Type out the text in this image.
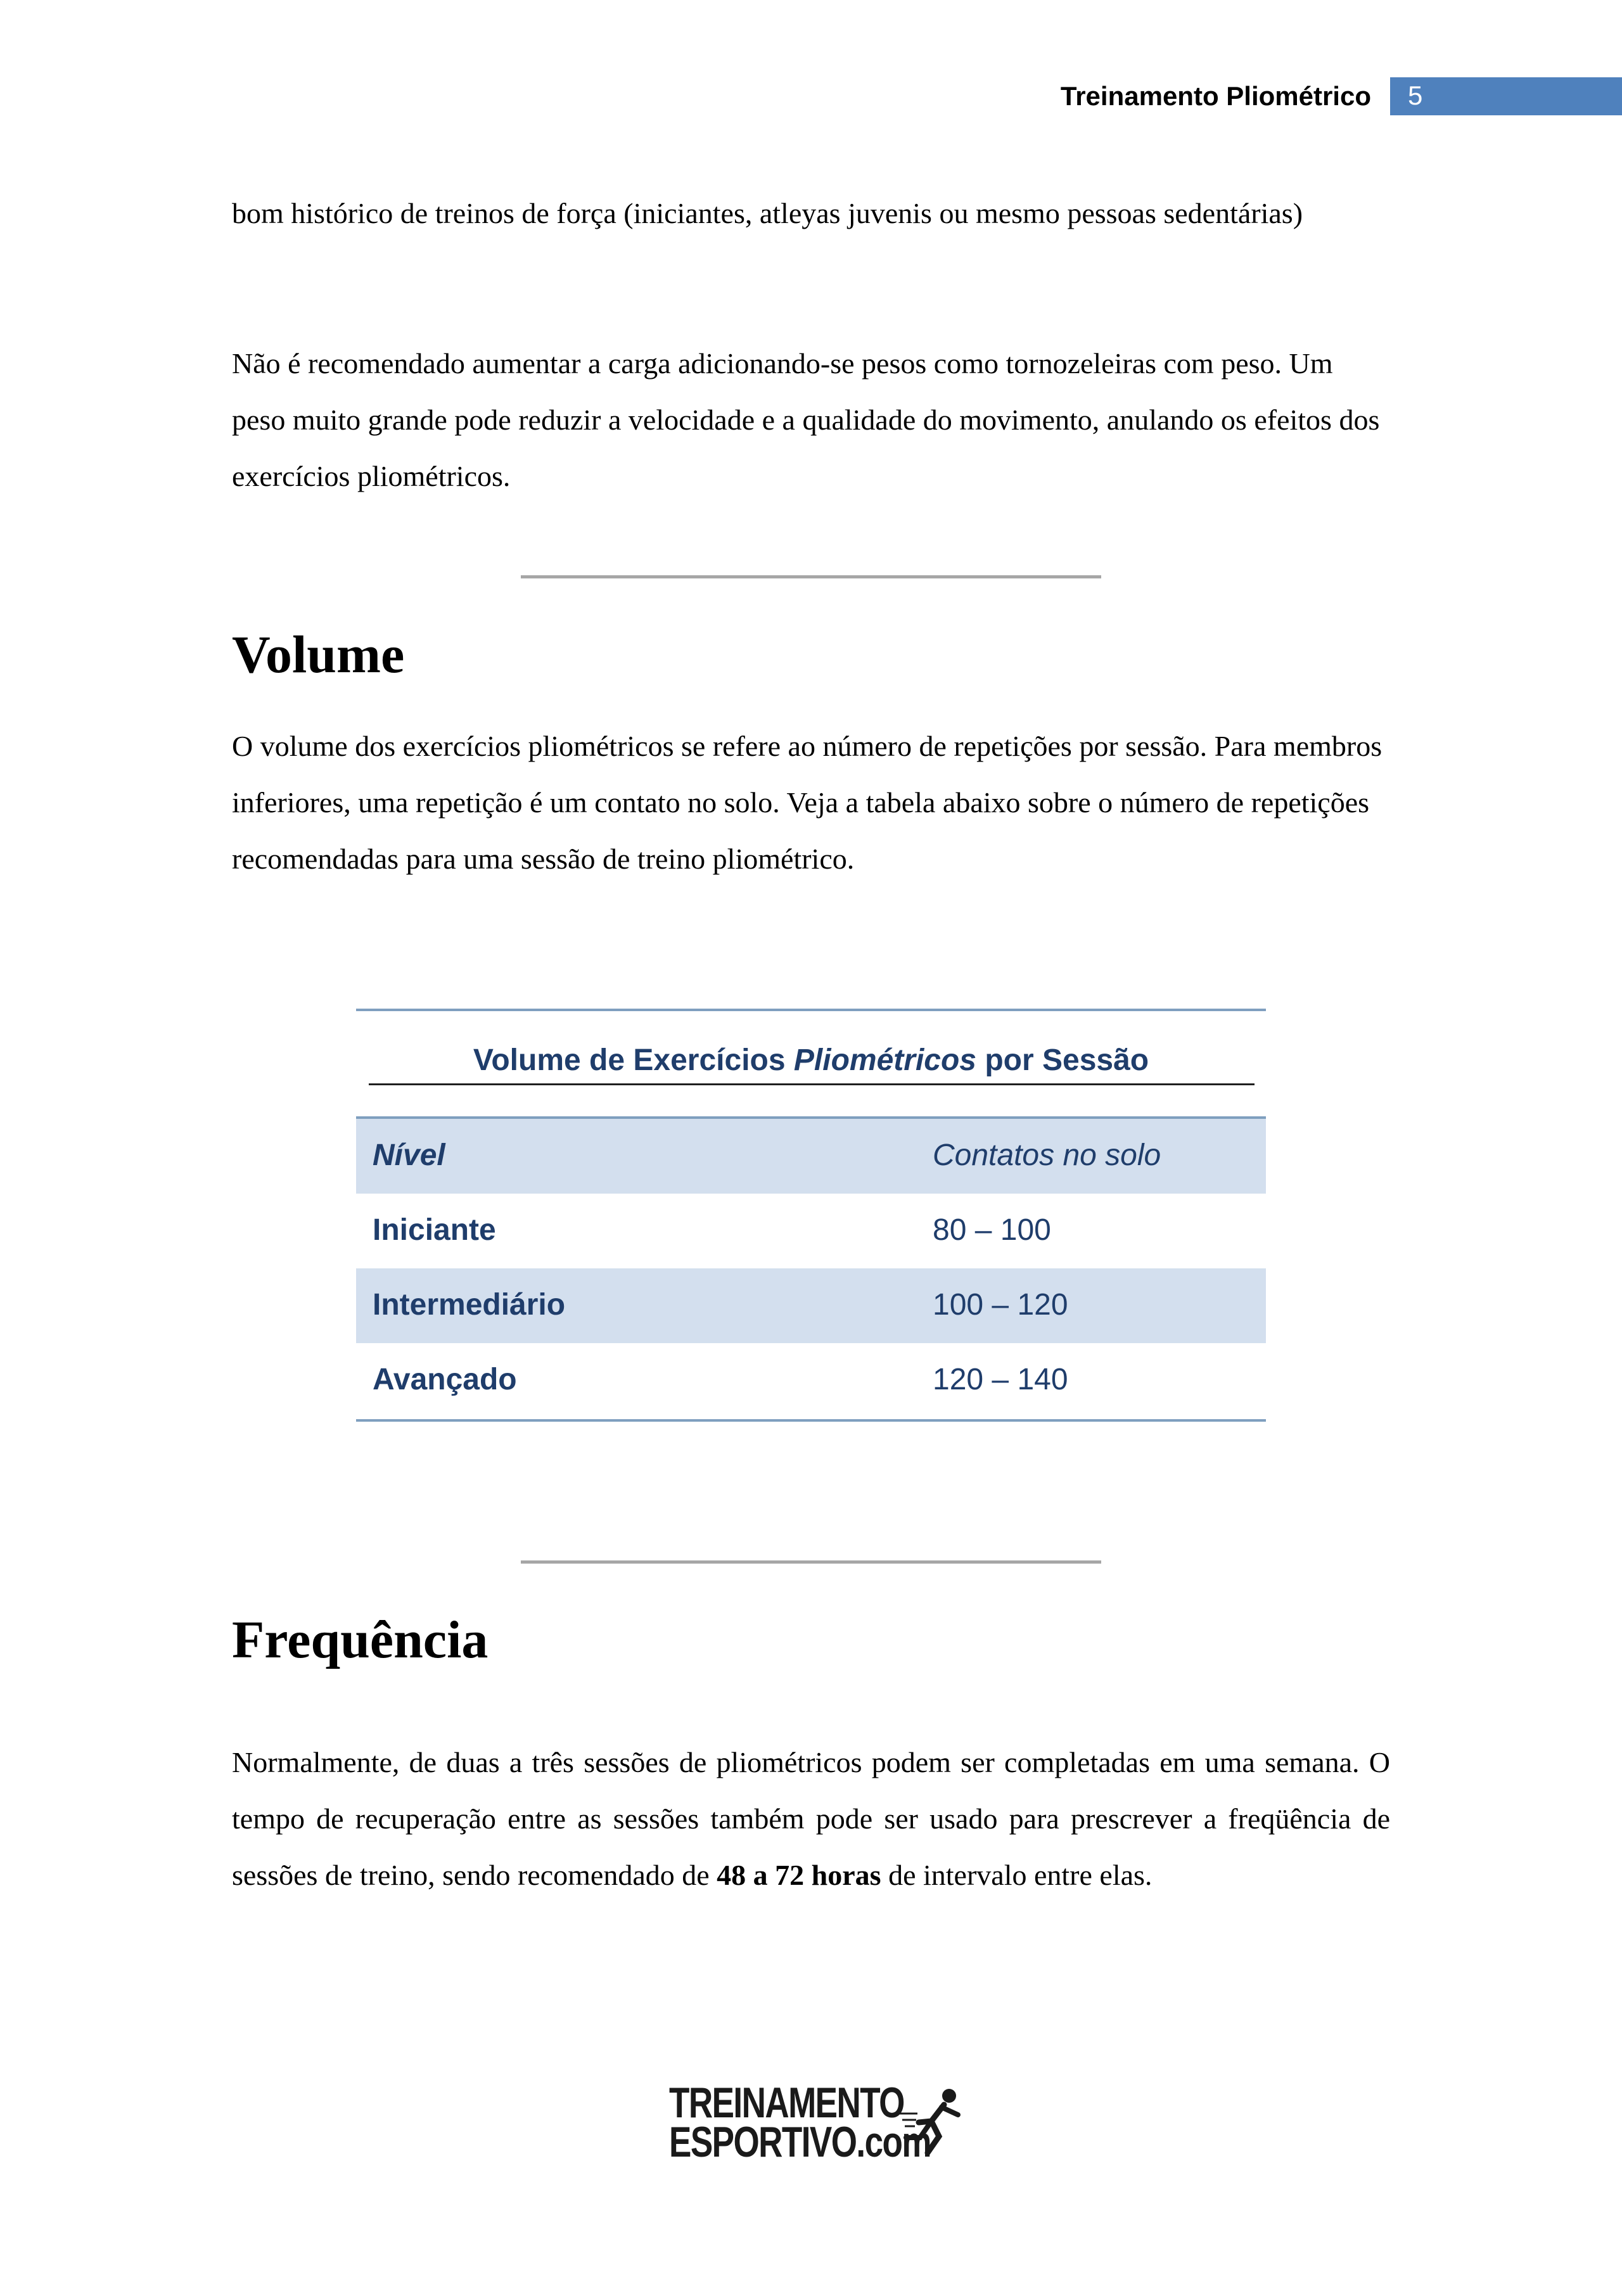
Treinamento Pliométrico 5

bom histórico de treinos de força (iniciantes, atleyas juvenis ou mesmo pessoas sedentárias)

Não é recomendado aumentar a carga adicionando-se pesos como tornozeleiras com peso. Um peso muito grande pode reduzir a velocidade e a qualidade do movimento, anulando os efeitos dos exercícios pliométricos.

Volume

O volume dos exercícios pliométricos se refere ao número de repetições por sessão. Para membros inferiores, uma repetição é um contato no solo. Veja a tabela abaixo sobre o número de repetições recomendadas para uma sessão de treino pliométrico.

Volume de Exercícios Pliométricos por Sessão
Nível	Contatos no solo
Iniciante	80 – 100
Intermediário	100 – 120
Avançado	120 – 140
Frequência

Normalmente, de duas a três sessões de pliométricos podem ser completadas em uma semana. O tempo de recuperação entre as sessões também pode ser usado para prescrever a freqüência de sessões de treino, sendo recomendado de 48 a 72 horas de intervalo entre elas.

TREINAMENTO
ESPORTIVO.com
